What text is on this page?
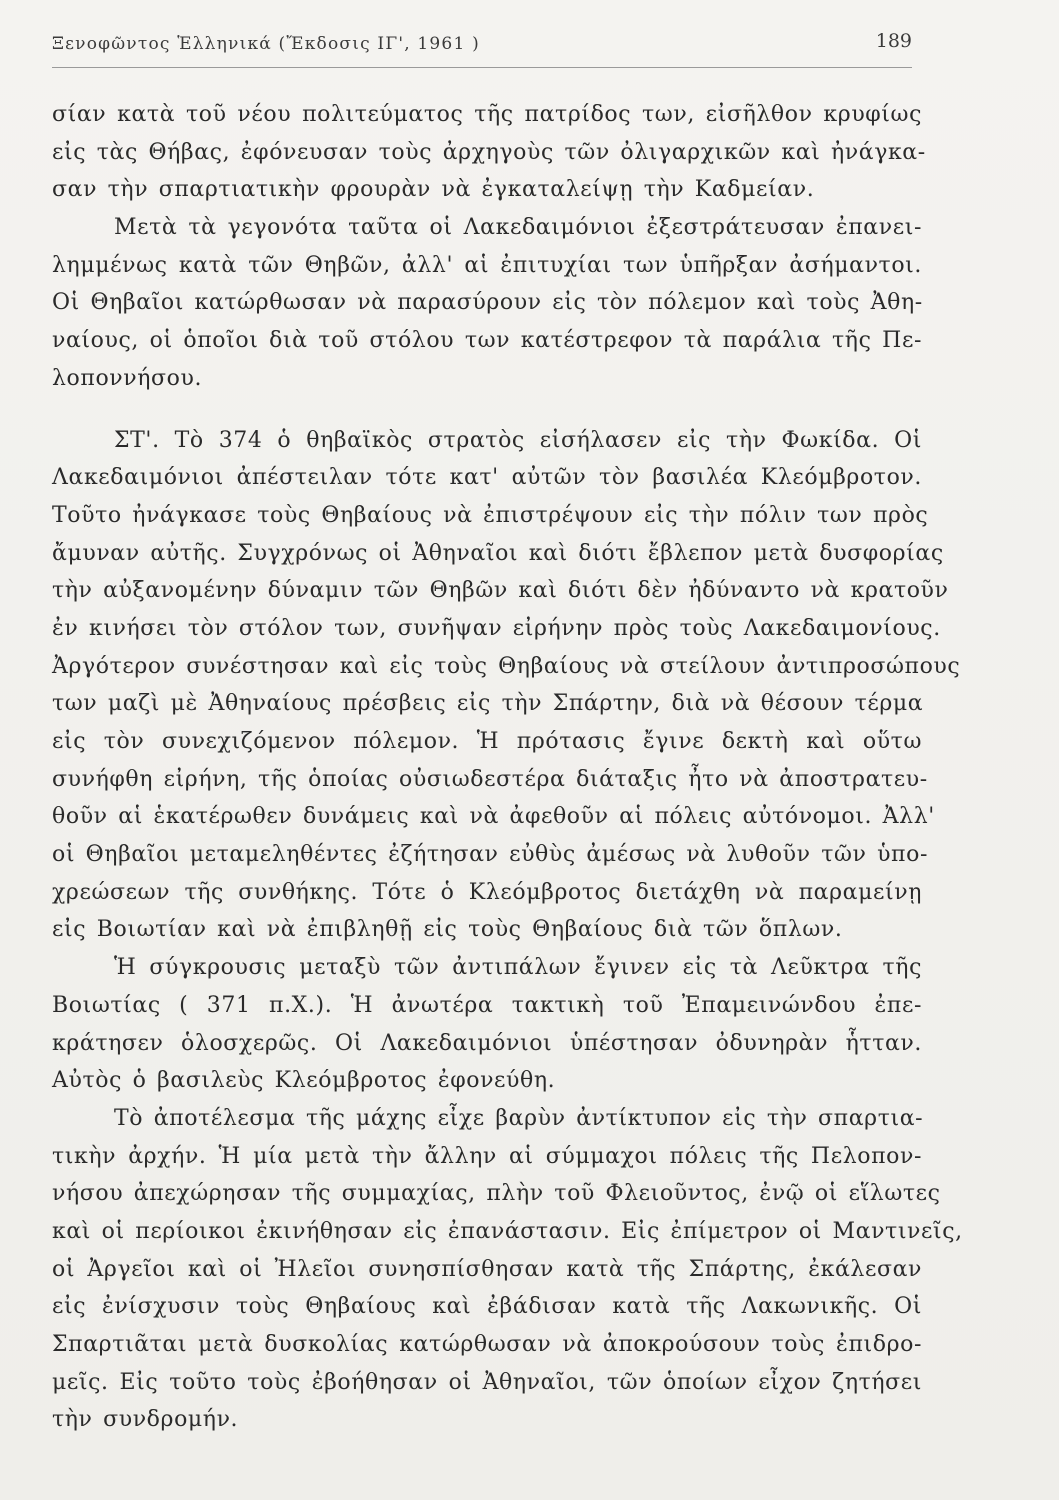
Ξενοφῶντος Ἑλληνικά (Ἔκδοσις ΙΓ', 1961 )	189
σίαν κατὰ τοῦ νέου πολιτεύματος τῆς πατρίδος των, εἰσῆλθον κρυφίως
εἰς τὰς Θήβας, ἐφόνευσαν τοὺς ἀρχηγοὺς τῶν ὀλιγαρχικῶν καὶ ἠνάγκα-
σαν τὴν σπαρτιατικὴν φρουρὰν νὰ ἐγκαταλείψῃ τὴν Καδμείαν.
Μετὰ τὰ γεγονότα ταῦτα οἱ Λακεδαιμόνιοι ἐξεστράτευσαν ἐπανει-
λημμένως κατὰ τῶν Θηβῶν, ἀλλ' αἱ ἐπιτυχίαι των ὑπῆρξαν ἀσήμαντοι.
Οἱ Θηβαῖοι κατώρθωσαν νὰ παρασύρουν εἰς τὸν πόλεμον καὶ τοὺς Ἀθη-
ναίους, οἱ ὁποῖοι διὰ τοῦ στόλου των κατέστρεφον τὰ παράλια τῆς Πε-
λοποννήσου.
ΣΤ'. Τὸ 374 ὁ θηβαϊκὸς στρατὸς εἰσήλασεν εἰς τὴν Φωκίδα. Οἱ
Λακεδαιμόνιοι ἀπέστειλαν τότε κατ' αὐτῶν τὸν βασιλέα Κλεόμβροτον.
Τοῦτο ἠνάγκασε τοὺς Θηβαίους νὰ ἐπιστρέψουν εἰς τὴν πόλιν των πρὸς
ἄμυναν αὐτῆς. Συγχρόνως οἱ Ἀθηναῖοι καὶ διότι ἔβλεπον μετὰ δυσφορίας
τὴν αὐξανομένην δύναμιν τῶν Θηβῶν καὶ διότι δὲν ἠδύναντο νὰ κρατοῦν
ἐν κινήσει τὸν στόλον των, συνῆψαν εἰρήνην πρὸς τοὺς Λακεδαιμονίους.
Ἀργότερον συνέστησαν καὶ εἰς τοὺς Θηβαίους νὰ στείλουν ἀντιπροσώπους
των μαζὶ μὲ Ἀθηναίους πρέσβεις εἰς τὴν Σπάρτην, διὰ νὰ θέσουν τέρμα
εἰς τὸν συνεχιζόμενον πόλεμον. Ἡ πρότασις ἔγινε δεκτὴ καὶ οὕτω
συνήφθη εἰρήνη, τῆς ὁποίας οὐσιωδεστέρα διάταξις ἦτο νὰ ἀποστρατευ-
θοῦν αἱ ἑκατέρωθεν δυνάμεις καὶ νὰ ἀφεθοῦν αἱ πόλεις αὐτόνομοι. Ἀλλ'
οἱ Θηβαῖοι μεταμεληθέντες ἐζήτησαν εὐθὺς ἀμέσως νὰ λυθοῦν τῶν ὑπο-
χρεώσεων τῆς συνθήκης. Τότε ὁ Κλεόμβροτος διετάχθη νὰ παραμείνῃ
εἰς Βοιωτίαν καὶ νὰ ἐπιβληθῇ εἰς τοὺς Θηβαίους διὰ τῶν ὅπλων.
Ἡ σύγκρουσις μεταξὺ τῶν ἀντιπάλων ἔγινεν εἰς τὰ Λεῦκτρα τῆς
Βοιωτίας ( 371 π.Χ.). Ἡ ἀνωτέρα τακτικὴ τοῦ Ἐπαμεινώνδου ἐπε-
κράτησεν ὁλοσχερῶς. Οἱ Λακεδαιμόνιοι ὑπέστησαν ὀδυνηρὰν ἧτταν.
Αὐτὸς ὁ βασιλεὺς Κλεόμβροτος ἐφονεύθη.
Τὸ ἀποτέλεσμα τῆς μάχης εἶχε βαρὺν ἀντίκτυπον εἰς τὴν σπαρτια-
τικὴν ἀρχήν. Ἡ μία μετὰ τὴν ἄλλην αἱ σύμμαχοι πόλεις τῆς Πελοπον-
νήσου ἀπεχώρησαν τῆς συμμαχίας, πλὴν τοῦ Φλειοῦντος, ἐνῷ οἱ εἵλωτες
καὶ οἱ περίοικοι ἐκινήθησαν εἰς ἐπανάστασιν. Εἰς ἐπίμετρον οἱ Μαντινεῖς,
οἱ Ἀργεῖοι καὶ οἱ Ἠλεῖοι συνησπίσθησαν κατὰ τῆς Σπάρτης, ἐκάλεσαν
εἰς ἐνίσχυσιν τοὺς Θηβαίους καὶ ἐβάδισαν κατὰ τῆς Λακωνικῆς. Οἱ
Σπαρτιᾶται μετὰ δυσκολίας κατώρθωσαν νὰ ἀποκρούσουν τοὺς ἐπιδρο-
μεῖς. Εἰς τοῦτο τοὺς ἐβοήθησαν οἱ Ἀθηναῖοι, τῶν ὁποίων εἶχον ζητήσει
τὴν συνδρομήν.
